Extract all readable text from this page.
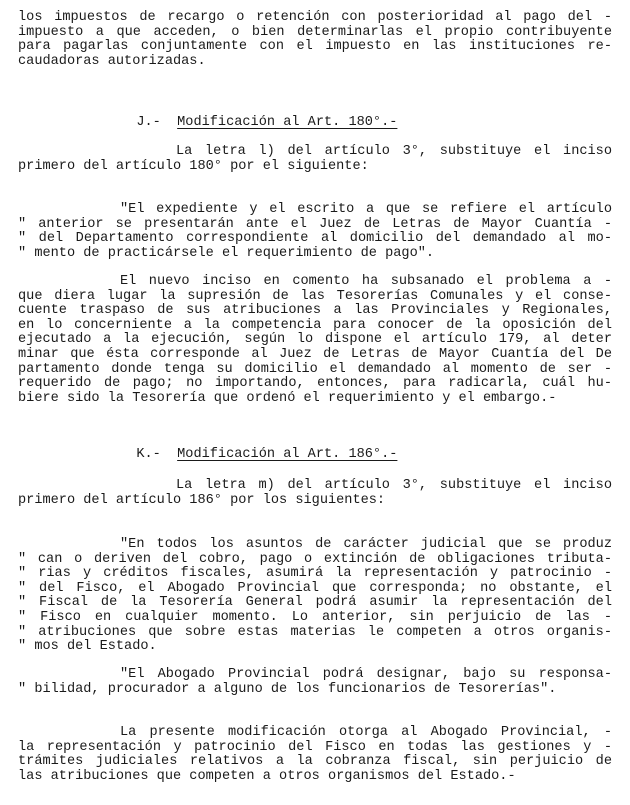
los impuestos de recargo o retención con posterioridad al pago del -
impuesto a que acceden, o bien determinarlas el propio contribuyente
para pagarlas conjuntamente con el impuesto en las instituciones re-
caudadoras autorizadas.

J.- Modificación al Art. 180°.-

La letra l) del artículo 3°, substituye el inciso
primero del artículo 180° por el siguiente:
"El expediente y el escrito a que se refiere el artículo
" anterior se presentarán ante el Juez de Letras de Mayor Cuantía -
" del Departamento correspondiente al domicilio del demandado al mo-
" mento de practicársele el requerimiento de pago".
El nuevo inciso en comento ha subsanado el problema a -
que diera lugar la supresión de las Tesorerías Comunales y el conse-
cuente traspaso de sus atribuciones a las Provinciales y Regionales,
en lo concerniente a la competencia para conocer de la oposición del
ejecutado a la ejecución, según lo dispone el artículo 179, al deter
minar que ésta corresponde al Juez de Letras de Mayor Cuantía del De
partamento donde tenga su domicilio el demandado al momento de ser -
requerido de pago; no importando, entonces, para radicarla, cuál hu-
biere sido la Tesorería que ordenó el requerimiento y el embargo.-

K.- Modificación al Art. 186°.-

La letra m) del artículo 3°, substituye el inciso
primero del artículo 186° por los siguientes:
"En todos los asuntos de carácter judicial que se produz
" can o deriven del cobro, pago o extinción de obligaciones tributa-
" rias y créditos fiscales, asumirá la representación y patrocinio -
" del Fisco, el Abogado Provincial que corresponda; no obstante, el
" Fiscal de la Tesorería General podrá asumir la representación del
" Fisco en cualquier momento. Lo anterior, sin perjuicio de las -
" atribuciones que sobre estas materias le competen a otros organis-
" mos del Estado.
"El Abogado Provincial podrá designar, bajo su responsa-
" bilidad, procurador a alguno de los funcionarios de Tesorerías".
La presente modificación otorga al Abogado Provincial, -
la representación y patrocinio del Fisco en todas las gestiones y -
trámites judiciales relativos a la cobranza fiscal, sin perjuicio de
las atribuciones que competen a otros organismos del Estado.-
